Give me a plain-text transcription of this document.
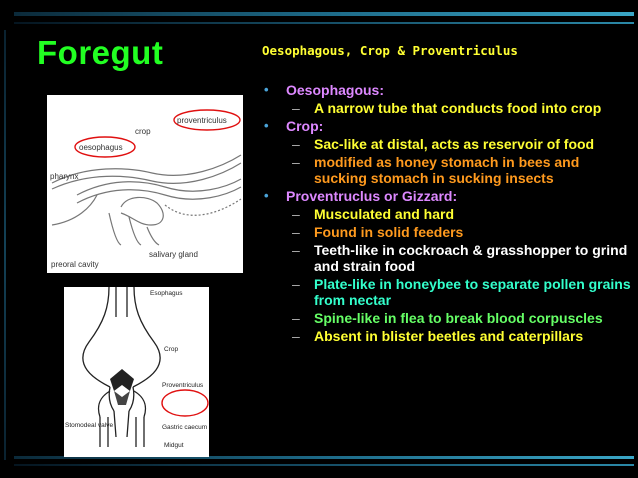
Foregut	Oesophagous, Crop & Proventriculus
proventriculus
crop
oesophagus
pharynx
preoral cavity
salivary gland
Esophagus
Crop
Proventriculus
Gastric caecum
Stomodeal valve
Midgut
• Oesophagous:
– A narrow tube that conducts food into crop
• Crop:
– Sac-like at distal, acts as reservoir of food
– modified as honey stomach in bees and sucking stomach in sucking insects
• Proventruclus or Gizzard:
– Musculated and hard
– Found in solid feeders
– Teeth-like in cockroach & grasshopper to grind and strain food
– Plate-like in honeybee to separate pollen grains from nectar
– Spine-like in flea to break blood corpuscles
– Absent in blister beetles and caterpillars
